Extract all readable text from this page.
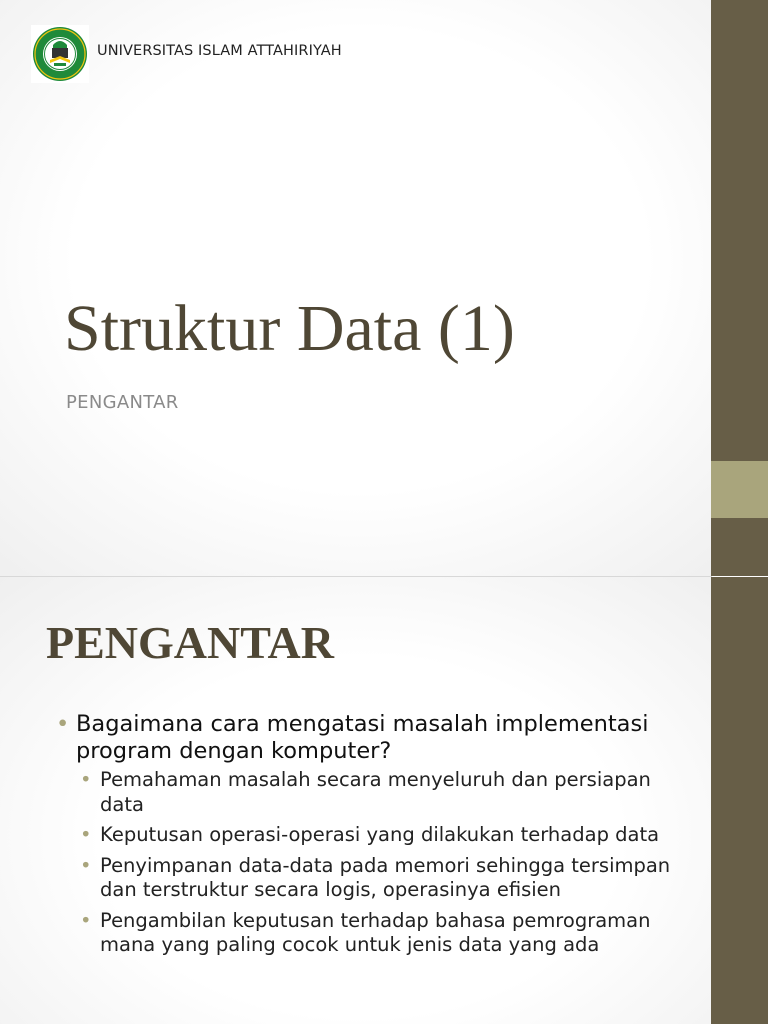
UNIVERSITAS ISLAM ATTAHIRIYAH
Struktur Data (1)
PENGANTAR
PENGANTAR
• Bagaimana cara mengatasi masalah implementasi program dengan komputer?
• Pemahaman masalah secara menyeluruh dan persiapan data
• Keputusan operasi-operasi yang dilakukan terhadap data
• Penyimpanan data-data pada memori sehingga tersimpan dan terstruktur secara logis, operasinya efisien
• Pengambilan keputusan terhadap bahasa pemrograman mana yang paling cocok untuk jenis data yang ada
